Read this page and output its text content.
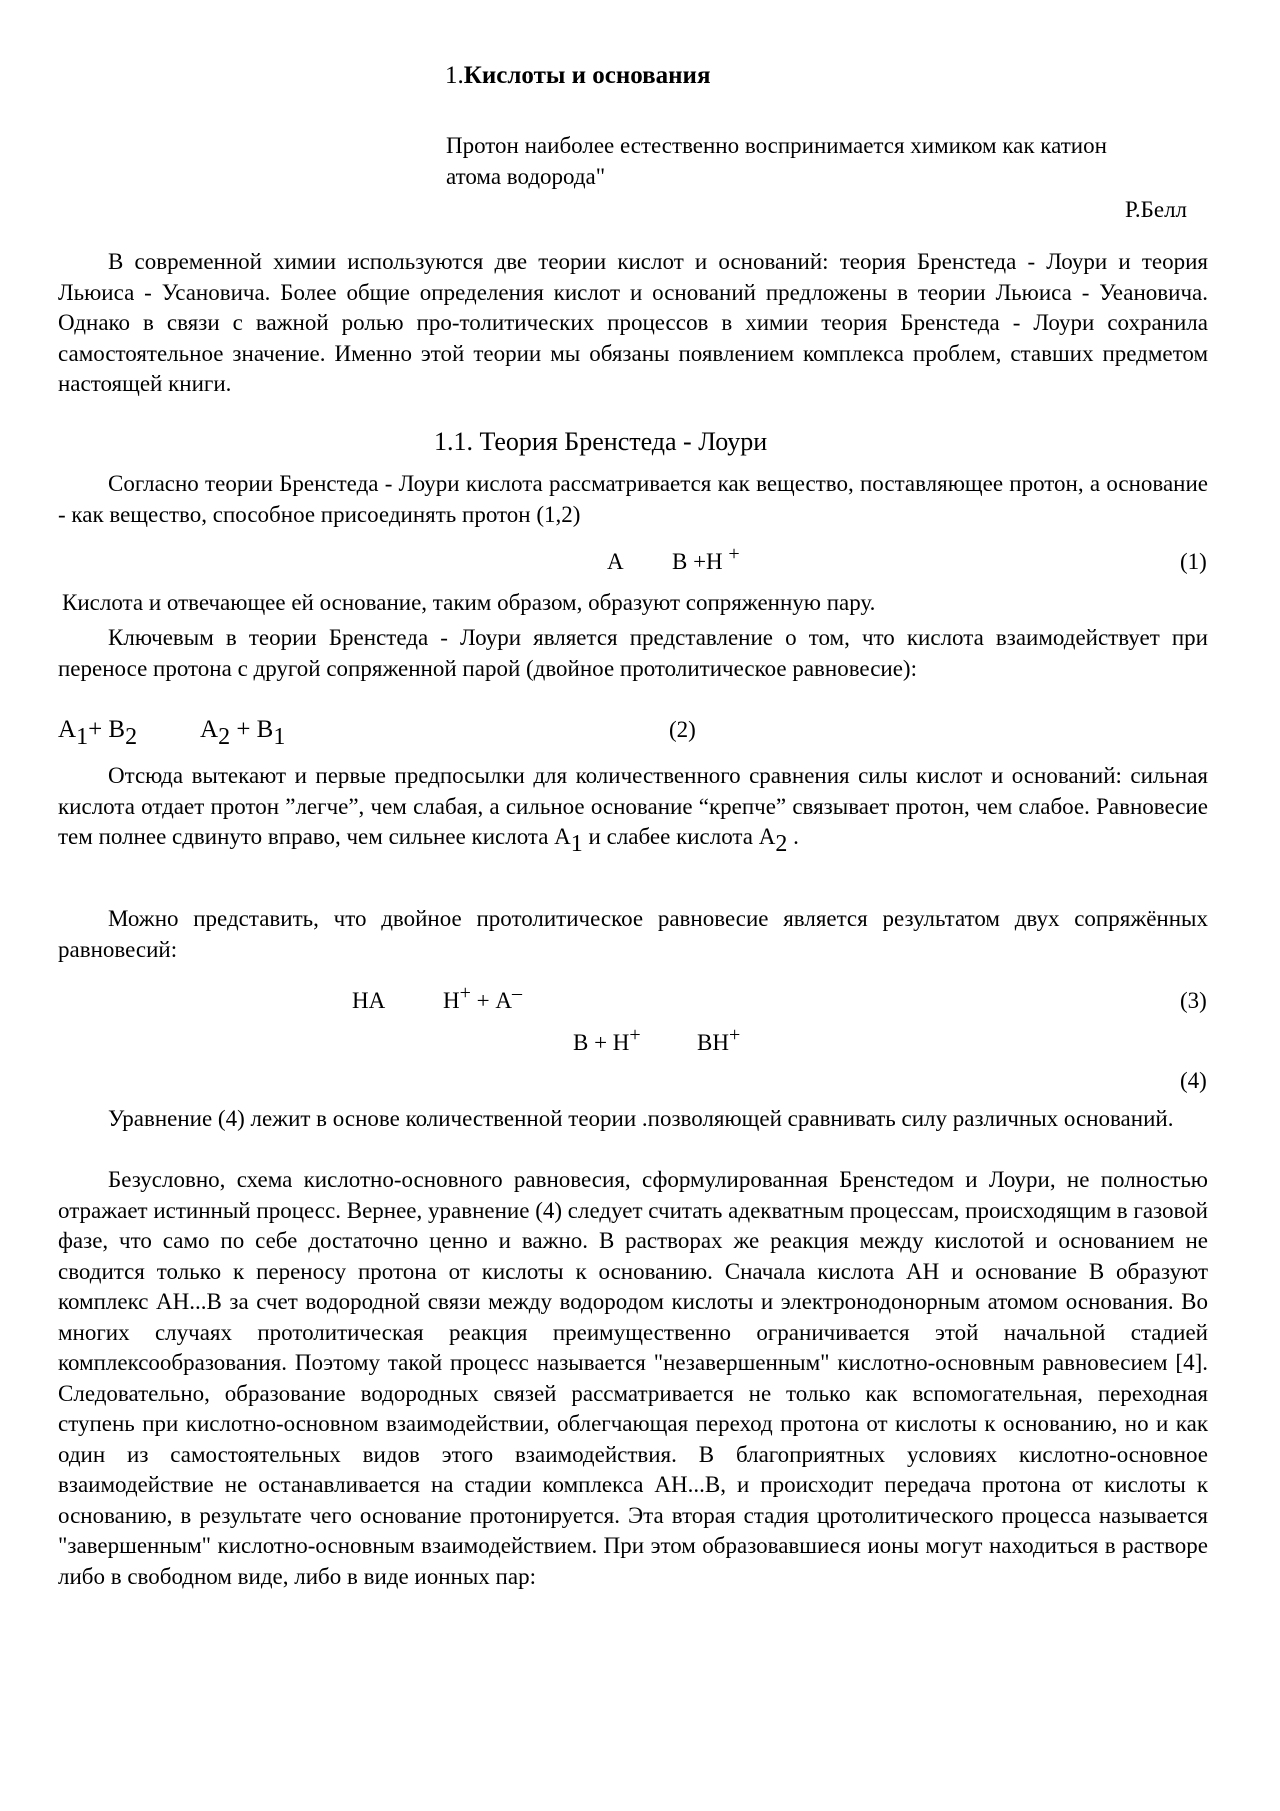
1.Кислоты и основания
Протон наиболее естественно воспринимается химиком как катион
атома водорода"
Р.Белл

В современной химии используются две теории кислот и оснований: теория Бренстеда - Лоури и теория Льюиса - Усановича. Более общие определения кислот и оснований предложены в теории Льюиса - Уеановича. Однако в связи с важной ролью про-толитических процессов в химии теория Бренстеда - Лоури сохранила самостоятельное значение. Именно этой теории мы обязаны появлением комплекса проблем, ставших предметом настоящей книги.

1.1. Теория Бренстеда - Лоури

Согласно теории Бренстеда - Лоури кислота рассматривается как вещество, поставляющее протон, а основание - как вещество, способное присоединять протон (1,2)

А В +Н +	(1)
Кислота и отвечающее ей основание, таким образом, образуют сопряженную пару.

Ключевым в теории Бренстеда - Лоури является представление о том, что кислота взаимодействует при переносе протона с другой сопряженной парой (двойное протолитическое равновесие):

А1+ В2	А2 + В1	(2)

Отсюда вытекают и первые предпосылки для количественного сравнения силы кислот и оснований: сильная кислота отдает протон ”легче”, чем слабая, а сильное основание “крепче” связывает протон, чем слабое. Равновесие тем полнее сдвинуто вправо, чем сильнее кислота А1 и слабее кислота А2 .

Можно представить, что двойное протолитическое равновесие является результатом двух сопряжённых равновесий:

НА	Н+ + А–	(3)
В + Н+ ВН+
(4)

Уравнение (4) лежит в основе количественной теории .позволяющей сравнивать силу различных оснований.

Безусловно, схема кислотно-основного равновесия, сформулированная Бренстедом и Лоури, не полностью отражает истинный процесс. Вернее, уравнение (4) следует считать адекватным процессам, происходящим в газовой фазе, что само по себе достаточно ценно и важно. В растворах же реакция между кислотой и основанием не сводится только к переносу протона от кислоты к основанию. Сначала кислота АН и основание В образуют комплекс АН...В за счет водородной связи между водородом кислоты и электронодонорным атомом основания. Во многих случаях протолитическая реакция преимущественно ограничивается этой начальной стадией комплексообразования. Поэтому такой процесс называется "незавершенным" кислотно-основным равновесием [4]. Следовательно, образование водородных связей рассматривается не только как вспомогательная, переходная ступень при кислотно-основном взаимодействии, облегчающая переход протона от кислоты к основанию, но и как один из самостоятельных видов этого взаимодействия. В благоприятных условиях кислотно-основное взаимодействие не останавливается на стадии комплекса АН...В, и происходит передача протона от кислоты к основанию, в результате чего основание протонируется. Эта вторая стадия цротолитического процесса называется "завершенным" кислотно-основным взаимодействием. При этом образовавшиеся ионы могут находиться в растворе либо в свободном виде, либо в виде ионных пар:
